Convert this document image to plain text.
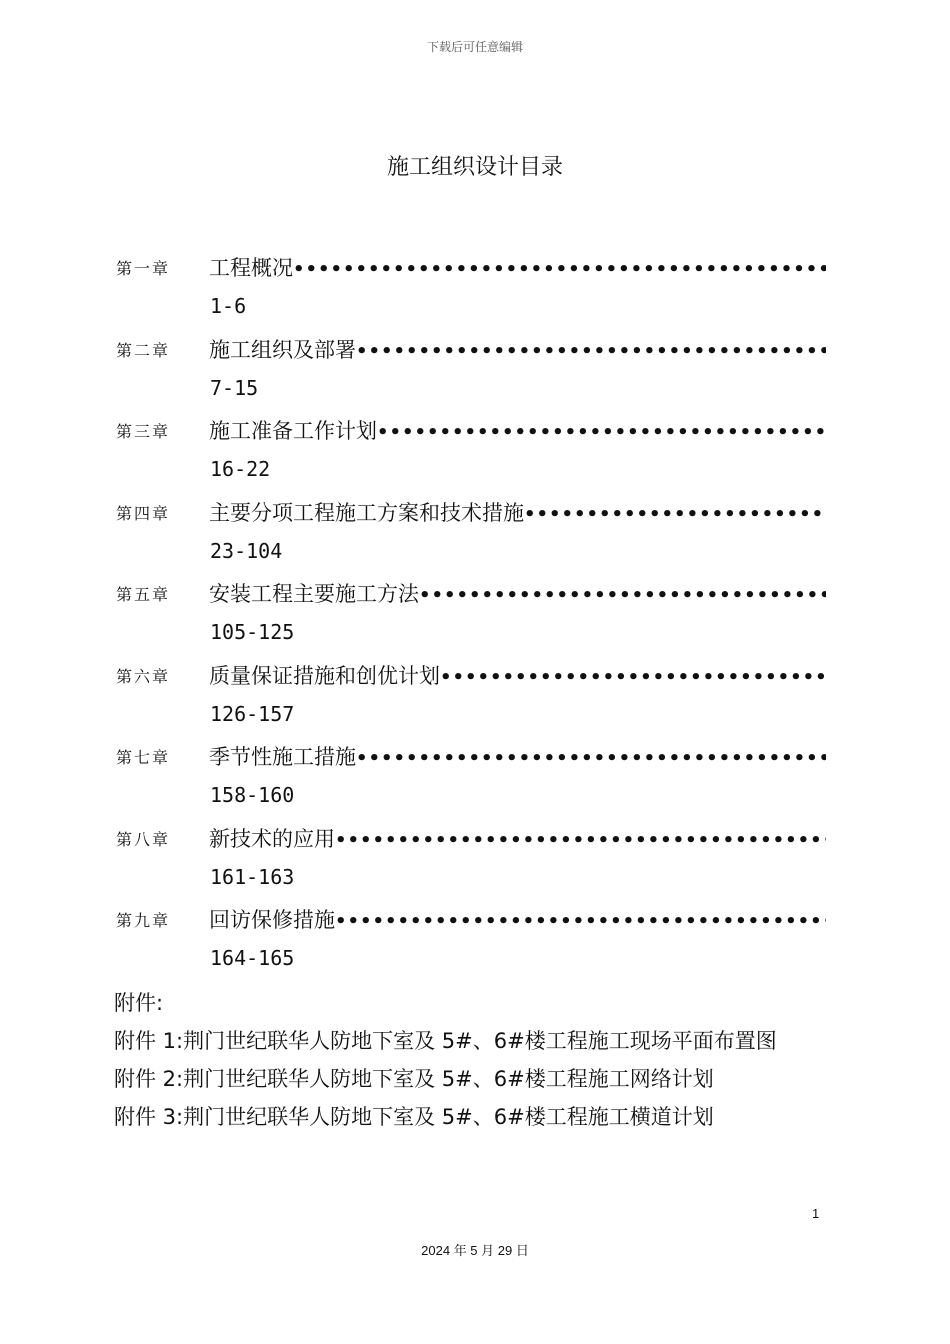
下载后可任意编辑
施工组织设计目录
第一章 工程概况
•••••
1-6
第二章 施工组织及部署
•••••
7-15
第三章 施工准备工作计划
•••••
16-22
第四章 主要分项工程施工方案和技术措施
•••••
23-104
第五章 安装工程主要施工方法
•••••
105-125
第六章 质量保证措施和创优计划
•••••
126-157
第七章 季节性施工措施
•••••
158-160
第八章 新技术的应用
•••••
161-163
第九章 回访保修措施
•••••
164-165
附件:
附件 1:荆门世纪联华人防地下室及 5#、6#楼工程施工现场平面布置图
附件 2:荆门世纪联华人防地下室及 5#、6#楼工程施工网络计划
附件 3:荆门世纪联华人防地下室及 5#、6#楼工程施工横道计划
1
2024 年 5 月 29 日
